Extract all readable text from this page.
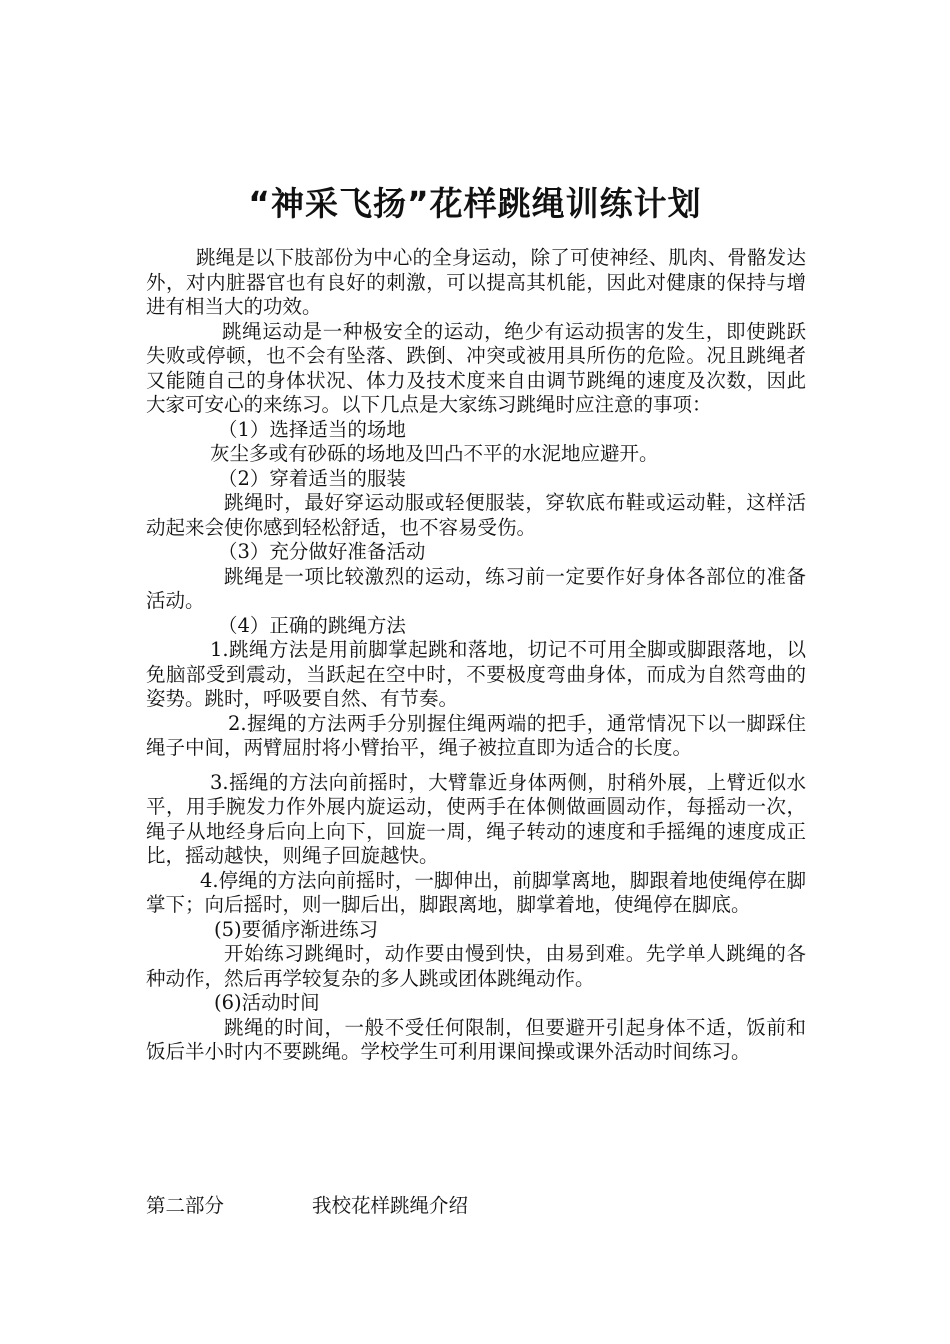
“神采飞扬”花样跳绳训练计划

跳绳是以下肢部份为中心的全身运动，除了可使神经、肌肉、骨骼发达外，对内脏器官也有良好的刺激，可以提高其机能，因此对健康的保持与增进有相当大的功效。

跳绳运动是一种极安全的运动，绝少有运动损害的发生，即使跳跃失败或停顿，也不会有坠落、跌倒、冲突或被用具所伤的危险。况且跳绳者又能随自己的身体状况、体力及技术度来自由调节跳绳的速度及次数，因此大家可安心的来练习。以下几点是大家练习跳绳时应注意的事项：

（1）选择适当的场地

灰尘多或有砂砾的场地及凹凸不平的水泥地应避开。

（2）穿着适当的服装

跳绳时，最好穿运动服或轻便服装，穿软底布鞋或运动鞋，这样活动起来会使你感到轻松舒适，也不容易受伤。

（3）充分做好准备活动

跳绳是一项比较激烈的运动，练习前一定要作好身体各部位的准备活动。

（4）正确的跳绳方法

1.跳绳方法是用前脚掌起跳和落地，切记不可用全脚或脚跟落地，以免脑部受到震动，当跃起在空中时，不要极度弯曲身体，而成为自然弯曲的姿势。跳时，呼吸要自然、有节奏。

2.握绳的方法两手分别握住绳两端的把手，通常情况下以一脚踩住绳子中间，两臂屈肘将小臂抬平，绳子被拉直即为适合的长度。

3.摇绳的方法向前摇时，大臂靠近身体两侧，肘稍外展，上臂近似水平，用手腕发力作外展内旋运动，使两手在体侧做画圆动作，每摇动一次，绳子从地经身后向上向下，回旋一周，绳子转动的速度和手摇绳的速度成正比，摇动越快，则绳子回旋越快。

4.停绳的方法向前摇时，一脚伸出，前脚掌离地，脚跟着地使绳停在脚掌下；向后摇时，则一脚后出，脚跟离地，脚掌着地，使绳停在脚底。

(5)要循序渐进练习

开始练习跳绳时，动作要由慢到快，由易到难。先学单人跳绳的各种动作，然后再学较复杂的多人跳或团体跳绳动作。

(6)活动时间

跳绳的时间，一般不受任何限制，但要避开引起身体不适，饭前和饭后半小时内不要跳绳。学校学生可利用课间操或课外活动时间练习。

第二部分	我校花样跳绳介绍
